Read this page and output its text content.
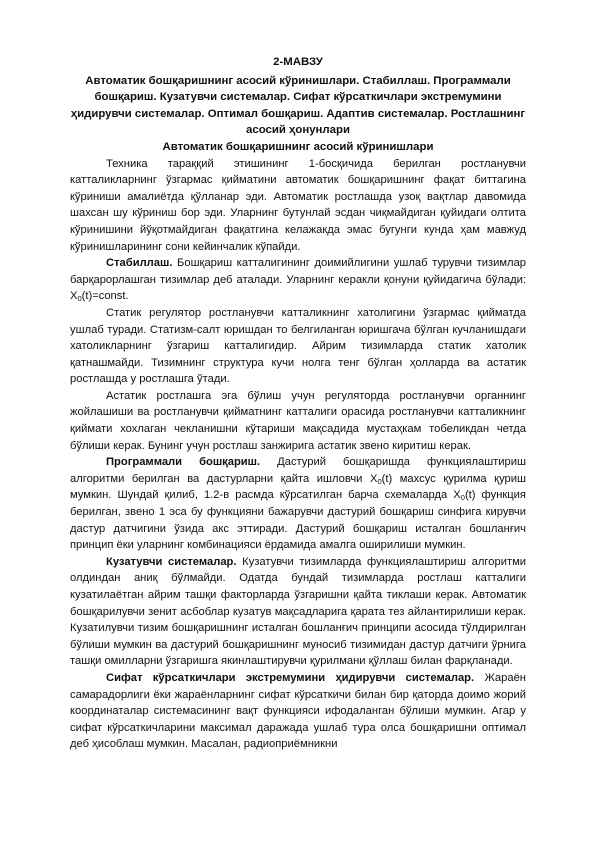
2-МАВЗУ
Автоматик бошқаришнинг асосий кўринишлари. Стабиллаш. Программали бошқариш. Кузатувчи системалар. Сифат кўрсаткичлари экстремумини ҳидирувчи системалар. Оптимал бошқариш. Адаптив системалар. Ростлашнинг асосий ҳонунлари
Автоматик бошқаришнинг асосий кўринишлари

Техника тараққий этишининг 1-босқичида берилган ростланувчи катталикларнинг ўзгармас қийматини автоматик бошқаришнинг фақат биттагина кўриниши амалиётда қўлланар эди. Автоматик ростлашда узоқ вақтлар давомида шахсан шу кўриниш бор эди. Уларнинг бутунлай эсдан чиқмайдиган қуйидаги олтита кўринишини йўқотмайдиган фақатгина келажакда эмас бугунги кунда ҳам мавжуд кўринишларининг сони кейинчалик кўпайди.

Стабиллаш. Бошқариш катталигининг доимийлигини ушлаб турувчи тизимлар барқарорлашган тизимлар деб аталади. Уларнинг керакли қонуни қуйидагича бўлади: $X_0(t)=const$.

Статик регулятор ростланувчи катталикнинг хатолигини ўзгармас қийматда ушлаб туради. Статизм-салт юришдан то белгиланган юришгача бўлган кучланишдаги хатоликларнинг ўзгариш катталигидир. Айрим тизимларда статик хатолик қатнашмайди. Тизимнинг структура кучи нолга тенг бўлган ҳолларда ва астатик ростлашда у ростлашга ўтади.

Астатик ростлашга эга бўлиш учун регуляторда ростланувчи органнинг жойлашиши ва ростланувчи қийматнинг катталиги орасида ростланувчи катталикнинг қиймати хохлаган чекланишни кўтариши мақсадида мустаҳкам тобеликдан четда бўлиши керак. Бунинг учун ростлаш занжирига астатик звено киритиш керак.

Программали бошқариш. Дастурий бошқаришда функциялаштириш алгоритми берилган ва дастурларни қайта ишловчи $X_0(t)$ махсус қурилма қуриш мумкин. Шундай қилиб, 1.2-в расмда кўрсатилган барча схемаларда $X_0(t)$ функция берилган, звено 1 эса бу функцияни бажарувчи дастурий бошқариш синфига кирувчи дастур датчигини ўзида акс эттиради. Дастурий бошқариш исталган бошланғич принцип ёки уларнинг комбинацияси ёрдамида амалга оширилиши мумкин.

Кузатувчи системалар. Кузатувчи тизимларда функциялаштириш алгоритми олдиндан аниқ бўлмайди. Одатда бундай тизимларда ростлаш катталиги кузатилаётган айрим ташқи факторларда ўзгаришни қайта тиклаши керак. Автоматик бошқарилувчи зенит асбоблар кузатув мақсадларига қарата тез айлантирилиши керак. Кузатилувчи тизим бошқаришнинг исталган бошланғич принципи асосида тўлдирилган бўлиши мумкин ва дастурий бошқаришнинг муносиб тизимидан дастур датчиги ўрнига ташқи омилларни ўзгаришга якинлаштирувчи қурилмани қўллаш билан фарқланади.

Сифат кўрсаткичлари экстремумини ҳидирувчи системалар. Жараён самарадорлиги ёки жараёнларнинг сифат кўрсаткичи билан бир қаторда доимо жорий координаталар системасининг вақт функцияси ифодаланган бўлиши мумкин. Агар у сифат кўрсаткичларини максимал даражада ушлаб тура олса бошқаришни оптимал деб ҳисоблаш мумкин. Масалан, радиоприёмникни
